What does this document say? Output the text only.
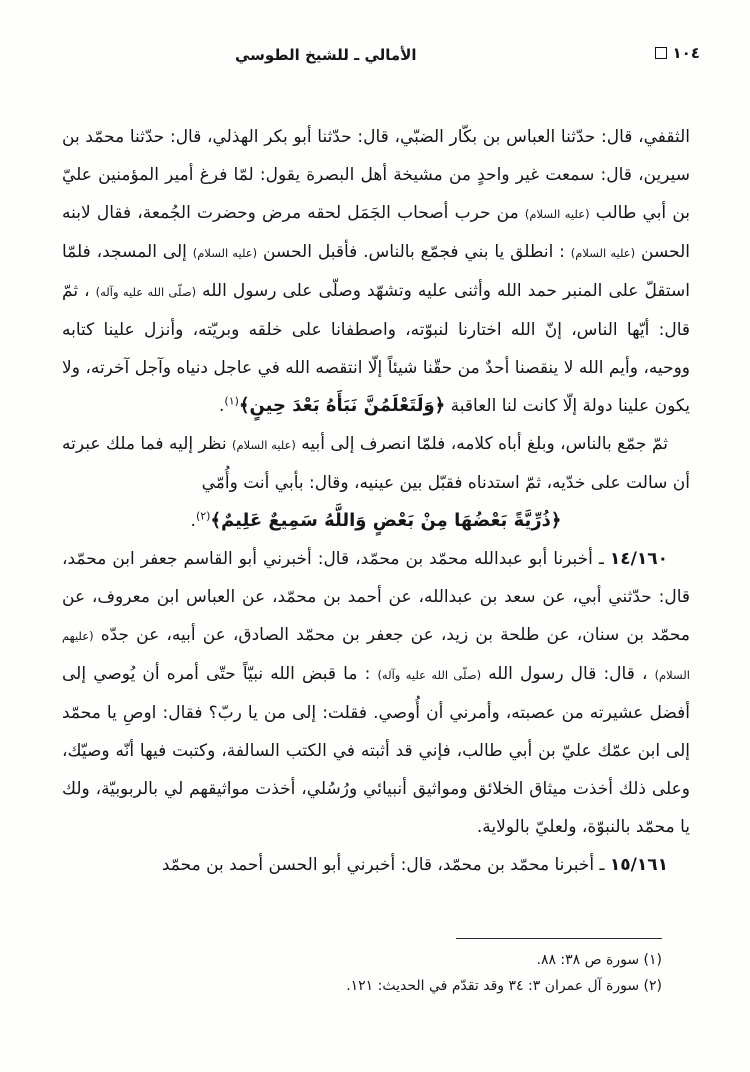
الأمالي ـ للشيخ الطوسي	١٠٤

الثقفي، قال: حدّثنا العباس بن بكّار الضبّي، قال: حدّثنا أبو بكر الهذلي، قال: حدّثنا محمّد بن سيرين، قال: سمعت غير واحدٍ من مشيخة أهل البصرة يقول: لمّا فرغ أمير المؤمنين عليّ بن أبي طالب (عليه السلام) من حرب أصحاب الجَمَل لحقه مرض وحضرت الجُمعة، فقال لابنه الحسن (عليه السلام) : انطلق يا بني فجمّع بالناس. فأقبل الحسن (عليه السلام) إلى المسجد، فلمّا استقلّ على المنبر حمد الله وأثنى عليه وتشهّد وصلّى على رسول الله (صلّى الله عليه وآله) ، ثمّ قال: أيّها الناس، إنّ الله اختارنا لنبوّته، واصطفانا على خلقه وبريّته، وأنزل علينا كتابه ووحيه، وأيم الله لا ينقصنا أحدٌ من حقّنا شيئاً إلّا انتقصه الله في عاجل دنياه وآجل آخرته، ولا يكون علينا دولة إلّا كانت لنا العاقبة ﴿وَلَتَعْلَمُنَّ نَبَأَهُ بَعْدَ حِينٍ﴾$^{(١)}$.

ثمّ جمّع بالناس، وبلغ أباه كلامه، فلمّا انصرف إلى أبيه (عليه السلام) نظر إليه فما ملك عبرته أن سالت على خدّيه، ثمّ استدناه فقبّل بين عينيه، وقال: بأبي أنت وأُمّي

﴿ذُرِّيَّةً بَعْضُهَا مِنْ بَعْضٍ وَاللَّهُ سَمِيعٌ عَلِيمٌ﴾$^{(٢)}$.

١٤/١٦٠ ـ أخبرنا أبو عبدالله محمّد بن محمّد، قال: أخبرني أبو القاسم جعفر ابن محمّد، قال: حدّثني أبي، عن سعد بن عبدالله، عن أحمد بن محمّد، عن العباس ابن معروف، عن محمّد بن سنان، عن طلحة بن زيد، عن جعفر بن محمّد الصادق، عن أبيه، عن جدّه (عليهم السلام) ، قال: قال رسول الله (صلّى الله عليه وآله) : ما قبض الله نبيّاً حتّى أمره أن يُوصي إلى أفضل عشيرته من عصبته، وأمرني أن أُوصي. فقلت: إلى من يا ربّ؟ فقال: اوصِ يا محمّد إلى ابن عمّك عليّ بن أبي طالب، فإني قد أثبته في الكتب السالفة، وكتبت فيها أنّه وصيّك، وعلى ذلك أخذت ميثاق الخلائق ومواثيق أنبيائي ورُسُلي، أخذت مواثيقهم لي بالربوبيّة، ولك يا محمّد بالنبوّة، ولعليّ بالولاية.

١٥/١٦١ ـ أخبرنا محمّد بن محمّد، قال: أخبرني أبو الحسن أحمد بن محمّد

(١) سورة ص ٣٨: ٨٨.
(٢) سورة آل عمران ٣: ٣٤ وقد تقدّم في الحديث: ١٢١.
